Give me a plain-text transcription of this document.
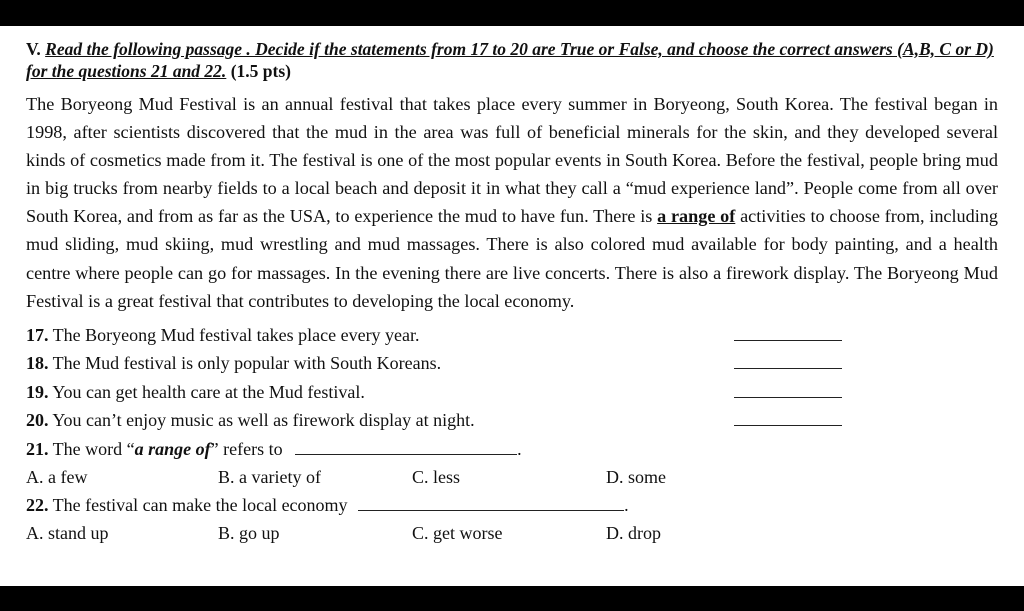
V. Read the following passage . Decide if the statements from 17 to 20 are True or False, and choose the correct answers (A,B, C or D) for the questions 21 and 22. (1.5 pts)
The Boryeong Mud Festival is an annual festival that takes place every summer in Boryeong, South Korea. The festival began in 1998, after scientists discovered that the mud in the area was full of beneficial minerals for the skin, and they developed several kinds of cosmetics made from it. The festival is one of the most popular events in South Korea. Before the festival, people bring mud in big trucks from nearby fields to a local beach and deposit it in what they call a “mud experience land”. People come from all over South Korea, and from as far as the USA, to experience the mud to have fun. There is a range of activities to choose from, including mud sliding, mud skiing, mud wrestling and mud massages. There is also colored mud available for body painting, and a health centre where people can go for massages. In the evening there are live concerts. There is also a firework display. The Boryeong Mud Festival is a great festival that contributes to developing the local economy.
17. The Boryeong Mud festival takes place every year.
18. The Mud festival is only popular with South Koreans.
19. You can get health care at the Mud festival.
20. You can’t enjoy music as well as firework display at night.
21. The word “a range of” refers to	.
A. a few	B. a variety of	C. less	D. some
22. The festival can make the local economy	.
A. stand up	B. go up	C. get worse	D. drop
